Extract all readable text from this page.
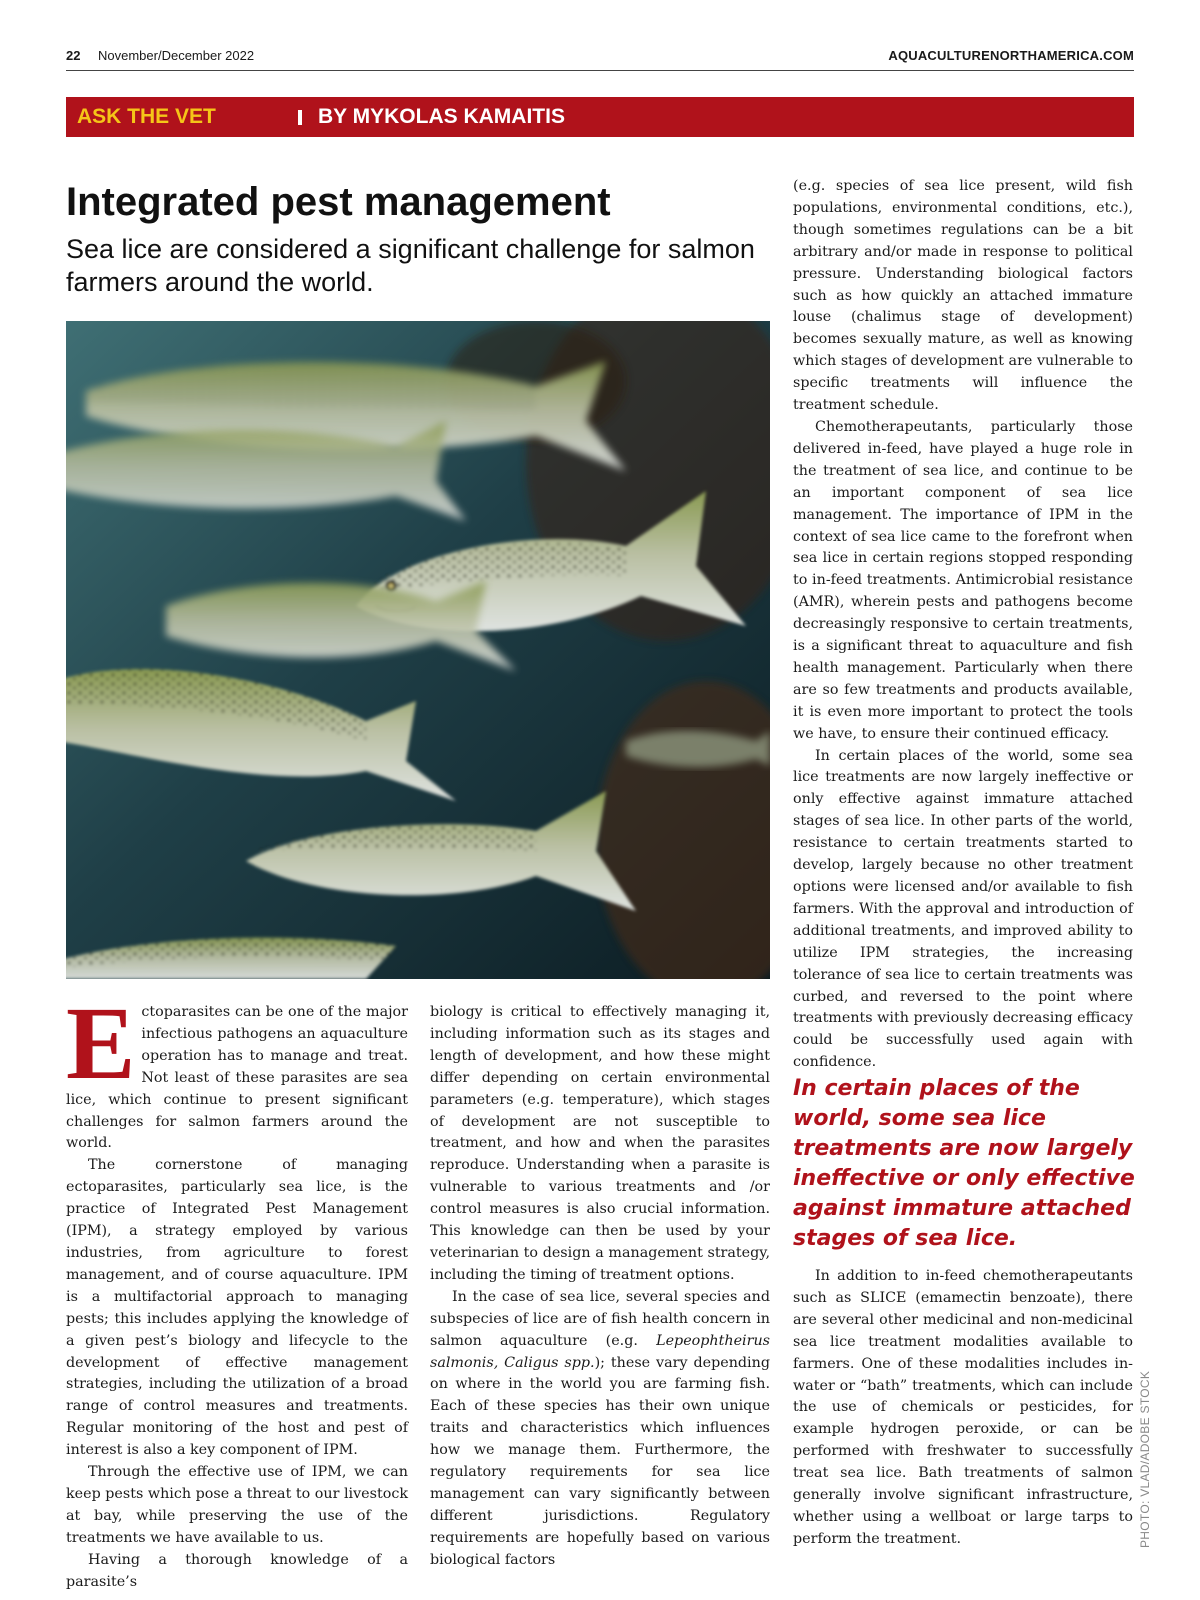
22 November/December 2022	AQUACULTURENORTHAMERICA.COM
ASK THE VET	BY MYKOLAS KAMAITIS
Integrated pest management

Sea lice are considered a significant challenge for salmon farmers around the world.

PHOTO: VLAD/ADOBE STOCK

Ectoparasites can be one of the major infectious pathogens an aquaculture operation has to manage and treat. Not least of these parasites are sea lice, which continue to present significant challenges for salmon farmers around the world.

The cornerstone of managing ectoparasites, particularly sea lice, is the practice of Integrated Pest Management (IPM), a strategy employed by various industries, from agriculture to forest management, and of course aquaculture. IPM is a multifactorial approach to managing pests; this includes applying the knowledge of a given pest’s biology and lifecycle to the development of effective management strategies, including the utilization of a broad range of control measures and treatments. Regular monitoring of the host and pest of interest is also a key component of IPM.

Through the effective use of IPM, we can keep pests which pose a threat to our livestock at bay, while preserving the use of the treatments we have available to us.

Having a thorough knowledge of a parasite’s

biology is critical to effectively managing it, including information such as its stages and length of development, and how these might differ depending on certain environmental parameters (e.g. temperature), which stages of development are not susceptible to treatment, and how and when the parasites reproduce. Understanding when a parasite is vulnerable to various treatments and /or control measures is also crucial information. This knowledge can then be used by your veterinarian to design a management strategy, including the timing of treatment options.

In the case of sea lice, several species and subspecies of lice are of fish health concern in salmon aquaculture (e.g. Lepeophtheirus salmonis, Caligus spp.); these vary depending on where in the world you are farming fish. Each of these species has their own unique traits and characteristics which influences how we manage them. Furthermore, the regulatory requirements for sea lice management can vary significantly between different jurisdictions. Regulatory requirements are hopefully based on various biological factors

(e.g. species of sea lice present, wild fish populations, environmental conditions, etc.), though sometimes regulations can be a bit arbitrary and/or made in response to political pressure. Understanding biological factors such as how quickly an attached immature louse (chalimus stage of development) becomes sexually mature, as well as knowing which stages of development are vulnerable to specific treatments will influence the treatment schedule.

Chemotherapeutants, particularly those delivered in-feed, have played a huge role in the treatment of sea lice, and continue to be an important component of sea lice management. The importance of IPM in the context of sea lice came to the forefront when sea lice in certain regions stopped responding to in-feed treatments. Antimicrobial resistance (AMR), wherein pests and pathogens become decreasingly responsive to certain treatments, is a significant threat to aquaculture and fish health management. Particularly when there are so few treatments and products available, it is even more important to protect the tools we have, to ensure their continued efficacy.

In certain places of the world, some sea lice treatments are now largely ineffective or only effective against immature attached stages of sea lice. In other parts of the world, resistance to certain treatments started to develop, largely because no other treatment options were licensed and/or available to fish farmers. With the approval and introduction of additional treatments, and improved ability to utilize IPM strategies, the increasing tolerance of sea lice to certain treatments was curbed, and reversed to the point where treatments with previously decreasing efficacy could be successfully used again with confidence.

In certain places of the world, some sea lice treatments are now largely ineffective or only effective against immature attached stages of sea lice.

In addition to in-feed chemotherapeutants such as SLICE (emamectin benzoate), there are several other medicinal and non-medicinal sea lice treatment modalities available to farmers. One of these modalities includes in-water or “bath” treatments, which can include the use of chemicals or pesticides, for example hydrogen peroxide, or can be performed with freshwater to successfully treat sea lice. Bath treatments of salmon generally involve significant infrastructure, whether using a wellboat or large tarps to perform the treatment.
